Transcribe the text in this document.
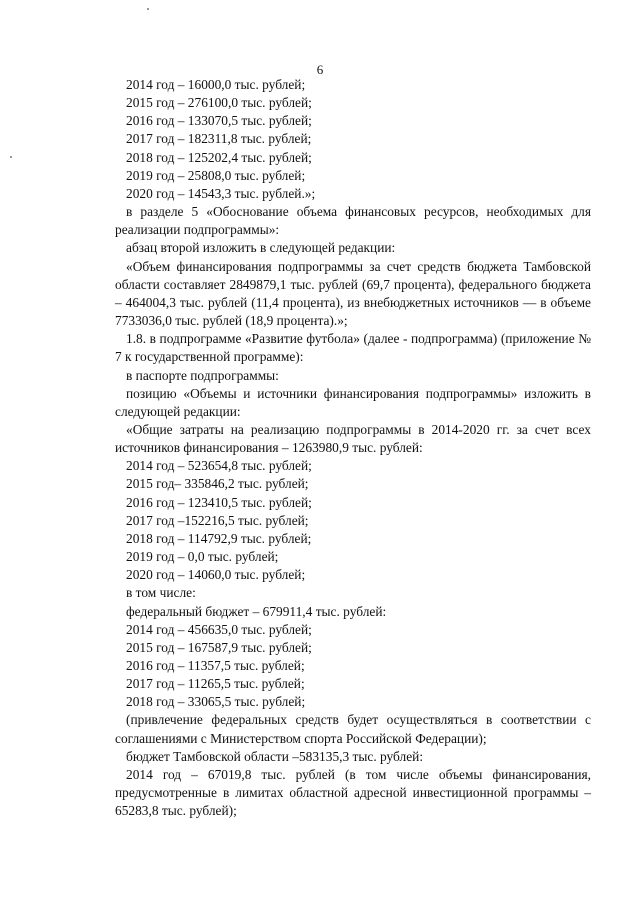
6

2014 год – 16000,0 тыс. рублей;

2015 год – 276100,0 тыс. рублей;

2016 год – 133070,5 тыс. рублей;

2017 год – 182311,8 тыс. рублей;

2018 год – 125202,4 тыс. рублей;

2019 год – 25808,0 тыс. рублей;

2020 год – 14543,3 тыс. рублей.»;

в разделе 5 «Обоснование объема финансовых ресурсов, необходимых для реализации подпрограммы»:

абзац второй изложить в следующей редакции:

«Объем финансирования подпрограммы за счет средств бюджета Тамбовской области составляет 2849879,1 тыс. рублей (69,7 процента), федерального бюджета – 464004,3 тыс. рублей (11,4 процента), из внебюджетных источников — в объеме 7733036,0 тыс. рублей (18,9 процента).»;

1.8. в подпрограмме «Развитие футбола» (далее - подпрограмма) (приложение № 7 к государственной программе):

в паспорте подпрограммы:

позицию «Объемы и источники финансирования подпрограммы» изложить в следующей редакции:

«Общие затраты на реализацию подпрограммы в 2014-2020 гг. за счет всех источников финансирования – 1263980,9 тыс. рублей:

2014 год – 523654,8 тыс. рублей;

2015 год– 335846,2 тыс. рублей;

2016 год – 123410,5 тыс. рублей;

2017 год –152216,5 тыс. рублей;

2018 год – 114792,9 тыс. рублей;

2019 год – 0,0 тыс. рублей;

2020 год – 14060,0 тыс. рублей;

в том числе:

федеральный бюджет – 679911,4 тыс. рублей:

2014 год – 456635,0 тыс. рублей;

2015 год – 167587,9 тыс. рублей;

2016 год – 11357,5 тыс. рублей;

2017 год – 11265,5 тыс. рублей;

2018 год – 33065,5 тыс. рублей;

(привлечение федеральных средств будет осуществляться в соответствии с соглашениями с Министерством спорта Российской Федерации);

бюджет Тамбовской области –583135,3 тыс. рублей:

2014 год – 67019,8 тыс. рублей (в том числе объемы финансирования, предусмотренные в лимитах областной адресной инвестиционной программы – 65283,8 тыс. рублей);
